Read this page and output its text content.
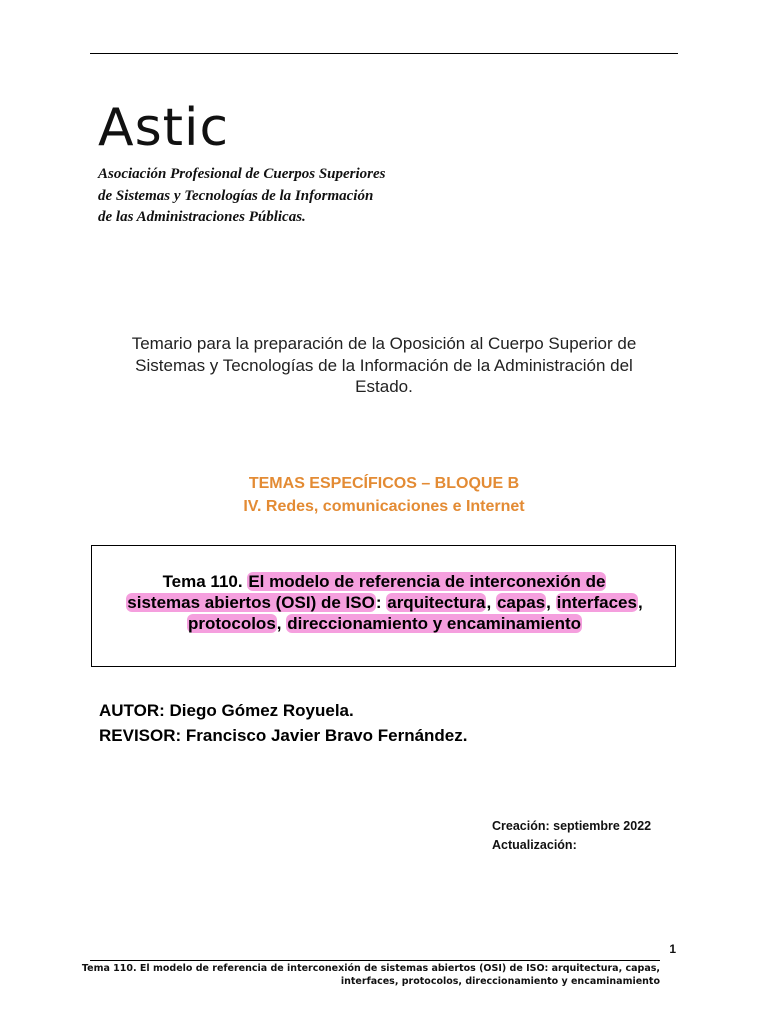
Astic
Asociación Profesional de Cuerpos Superiores
de Sistemas y Tecnologías de la Información
de las Administraciones Públicas.
Temario para la preparación de la Oposición al Cuerpo Superior de
Sistemas y Tecnologías de la Información de la Administración del
Estado.
TEMAS ESPECÍFICOS – BLOQUE B
IV. Redes, comunicaciones e Internet
Tema 110. El modelo de referencia de interconexión de
sistemas abiertos (OSI) de ISO: arquitectura, capas, interfaces,
protocolos, direccionamiento y encaminamiento
AUTOR: Diego Gómez Royuela.
REVISOR: Francisco Javier Bravo Fernández.
Creación: septiembre 2022
Actualización:
1
Tema 110. El modelo de referencia de interconexión de sistemas abiertos (OSI) de ISO: arquitectura, capas,
interfaces, protocolos, direccionamiento y encaminamiento
